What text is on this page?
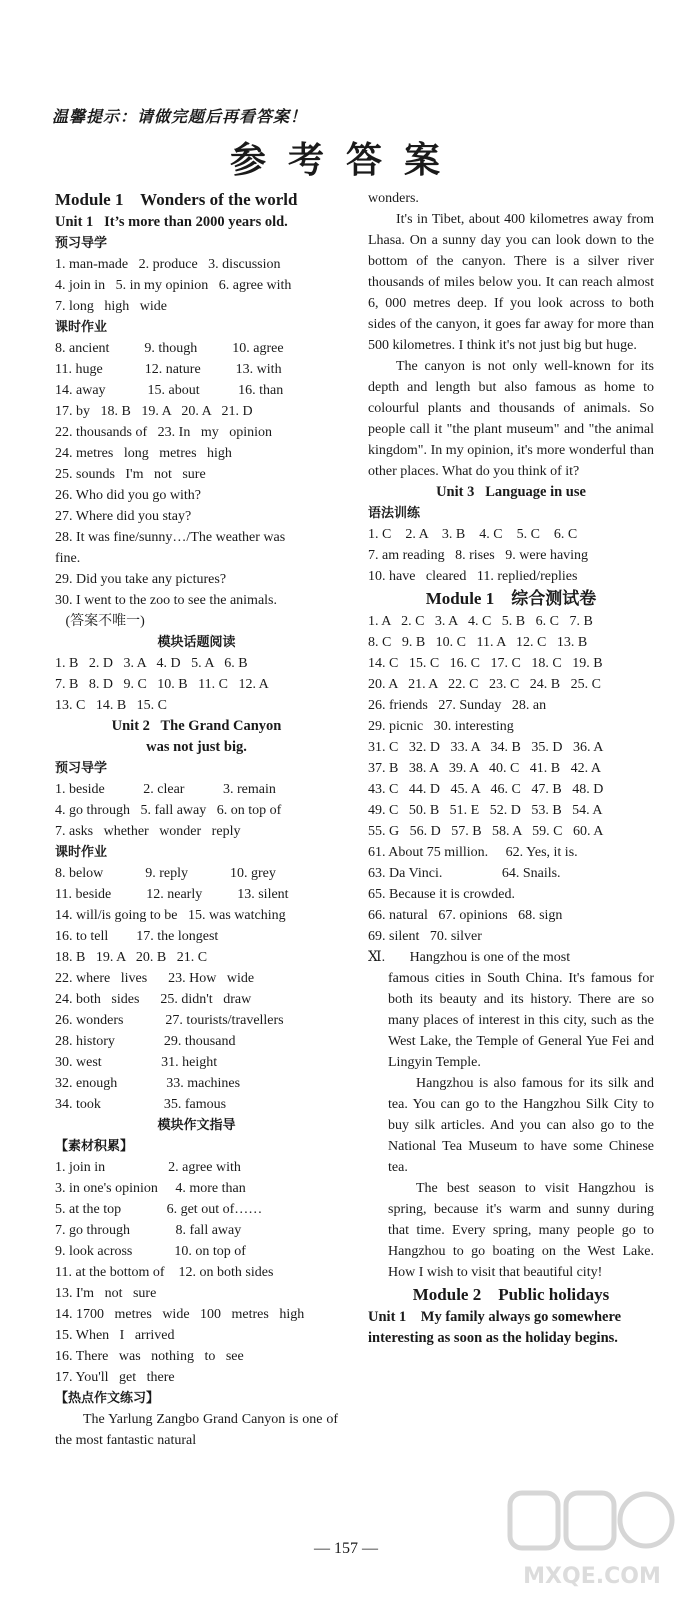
温馨提示：请做完题后再看答案！
参考答案
Module 1    Wonders of the world
Unit 1   It’s more than 2000 years old.
预习导学
1. man-made   2. produce   3. discussion
4. join in   5. in my opinion   6. agree with
7. long   high   wide
课时作业
8. ancient          9. though          10. agree
11. huge            12. nature          13. with
14. away            15. about           16. than
17. by   18. B   19. A   20. A   21. D
22. thousands of   23. In   my   opinion
24. metres   long   metres   high
25. sounds   I'm   not   sure
26. Who did you go with?
27. Where did you stay?
28. It was fine/sunny…/The weather was
fine.
29. Did you take any pictures?
30. I went to the zoo to see the animals.
(答案不唯一)
模块话题阅读
1. B   2. D   3. A   4. D   5. A   6. B
7. B   8. D   9. C   10. B   11. C   12. A
13. C   14. B   15. C
Unit 2   The Grand Canyon
was not just big.
预习导学
1. beside           2. clear           3. remain
4. go through   5. fall away   6. on top of
7. asks   whether   wonder   reply
课时作业
8. below            9. reply            10. grey
11. beside          12. nearly          13. silent
14. will/is going to be   15. was watching
16. to tell        17. the longest
18. B   19. A   20. B   21. C
22. where   lives      23. How   wide
24. both   sides      25. didn't   draw
26. wonders            27. tourists/travellers
28. history              29. thousand
30. west                 31. height
32. enough              33. machines
34. took                  35. famous
模块作文指导
【素材积累】
1. join in                  2. agree with
3. in one's opinion     4. more than
5. at the top             6. get out of……
7. go through             8. fall away
9. look across            10. on top of
11. at the bottom of    12. on both sides
13. I'm   not   sure
14. 1700   metres   wide   100   metres   high
15. When   I   arrived
16. There   was   nothing   to   see
17. You'll   get   there
【热点作文练习】
The Yarlung Zangbo Grand Canyon is one of the most fantastic natural
wonders.
It's in Tibet, about 400 kilometres away from Lhasa. On a sunny day you can look down to the bottom of the canyon. There is a silver river thousands of miles below you. It can reach almost 6, 000 metres deep. If you look across to both sides of the canyon, it goes far away for more than 500 kilometres. I think it's not just big but huge.
The canyon is not only well-known for its depth and length but also famous as home to colourful plants and thousands of animals. So people call it "the plant museum" and "the animal kingdom". In my opinion, it's more wonderful than other places. What do you think of it?
Unit 3   Language in use
语法训练
1. C    2. A    3. B    4. C    5. C    6. C
7. am reading   8. rises   9. were having
10. have   cleared   11. replied/replies
Module 1    综合测试卷
1. A   2. C   3. A   4. C   5. B   6. C   7. B
8. C   9. B   10. C   11. A   12. C   13. B
14. C   15. C   16. C   17. C   18. C   19. B
20. A   21. A   22. C   23. C   24. B   25. C
26. friends   27. Sunday   28. an
29. picnic   30. interesting
31. C   32. D   33. A   34. B   35. D   36. A
37. B   38. A   39. A   40. C   41. B   42. A
43. C   44. D   45. A   46. C   47. B   48. D
49. C   50. B   51. E   52. D   53. B   54. A
55. G   56. D   57. B   58. A   59. C   60. A
61. About 75 million.     62. Yes, it is.
63. Da Vinci.                 64. Snails.
65. Because it is crowded.
66. natural   67. opinions   68. sign
69. silent   70. silver
Ⅺ.       Hangzhou is one of the most
famous cities in South China. It's famous for both its beauty and its history. There are so many places of interest in this city, such as the West Lake, the Temple of General Yue Fei and Lingyin Temple.
Hangzhou is also famous for its silk and tea. You can go to the Hangzhou Silk City to buy silk articles. And you can also go to the National Tea Museum to have some Chinese tea.
The best season to visit Hangzhou is spring, because it's warm and sunny during that time. Every spring, many people go to Hangzhou to go boating on the West Lake. How I wish to visit that beautiful city!
Module 2    Public holidays
Unit 1    My family always go somewhere
interesting as soon as the holiday begins.
— 157 —
MXQE.COM
